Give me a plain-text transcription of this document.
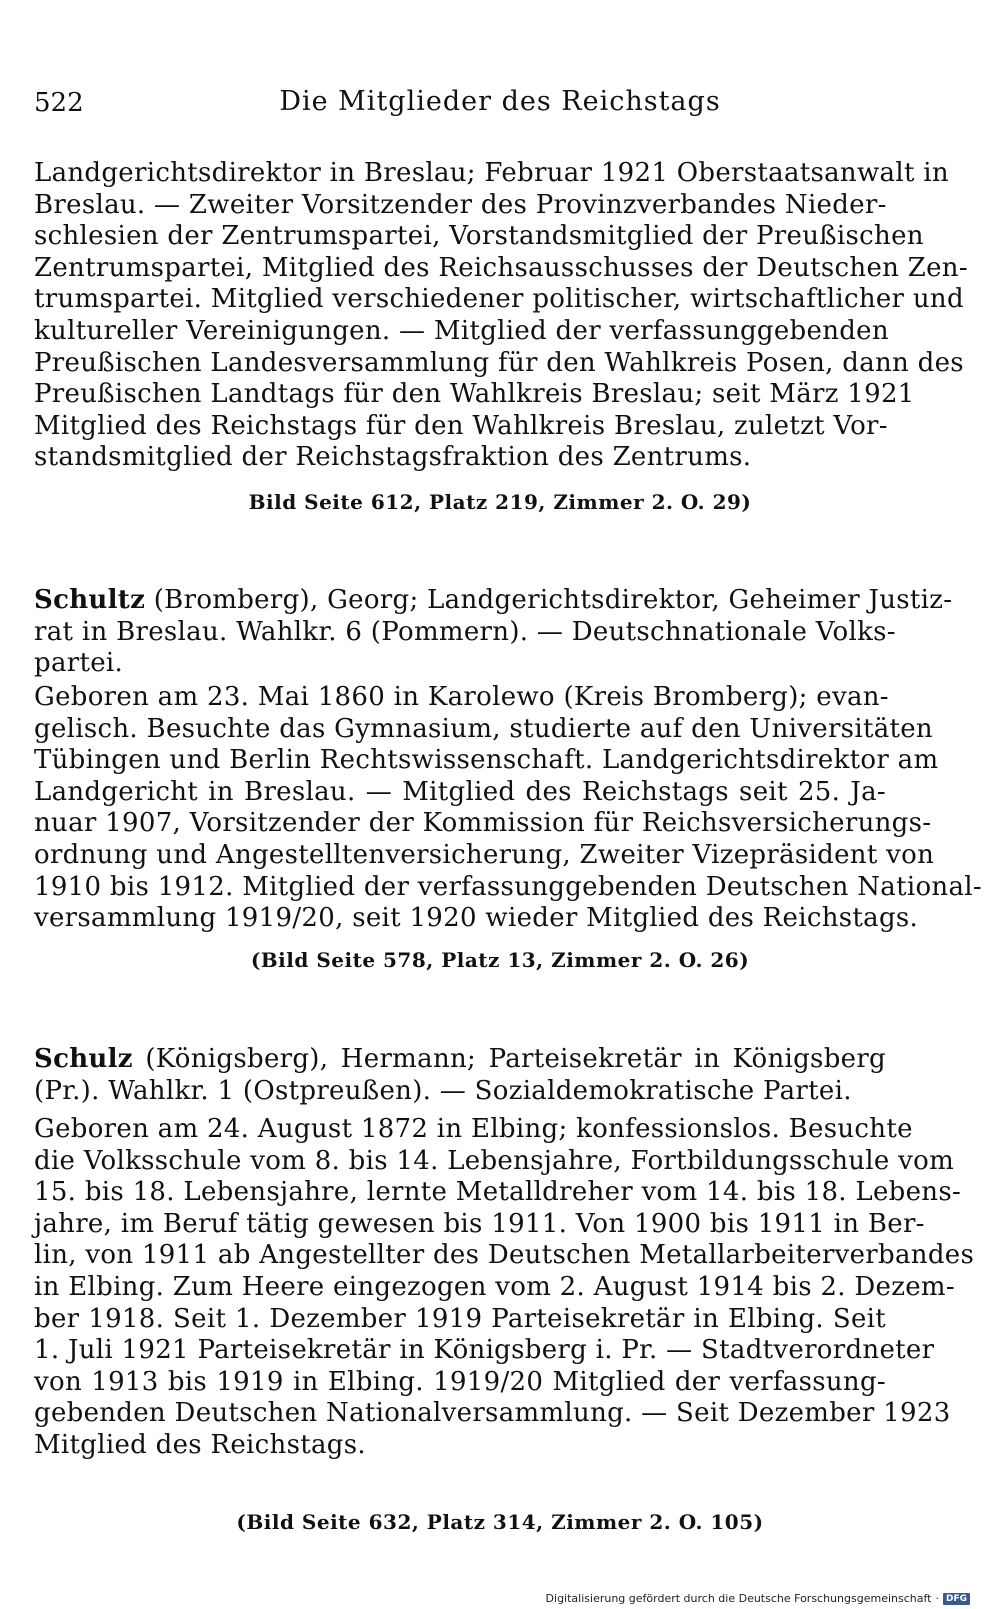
522	Die Mitglieder des Reichstags
Landgerichtsdirektor in Breslau; Februar 1921 Oberstaatsanwalt in
Breslau. — Zweiter Vorsitzender des Provinzverbandes Nieder-
schlesien der Zentrumspartei, Vorstandsmitglied der Preußischen
Zentrumspartei, Mitglied des Reichsausschusses der Deutschen Zen-
trumspartei. Mitglied verschiedener politischer, wirtschaftlicher und
kultureller Vereinigungen. — Mitglied der verfassunggebenden
Preußischen Landesversammlung für den Wahlkreis Posen, dann des
Preußischen Landtags für den Wahlkreis Breslau; seit März 1921
Mitglied des Reichstags für den Wahlkreis Breslau, zuletzt Vor-
standsmitglied der Reichstagsfraktion des Zentrums.
Bild Seite 612, Platz 219, Zimmer 2. O. 29)
Schultz (Bromberg), Georg; Landgerichtsdirektor, Geheimer Justiz-
rat in Breslau. Wahlkr. 6 (Pommern). — Deutschnationale Volks-
partei.
Geboren am 23. Mai 1860 in Karolewo (Kreis Bromberg); evan-
gelisch. Besuchte das Gymnasium, studierte auf den Universitäten
Tübingen und Berlin Rechtswissenschaft. Landgerichtsdirektor am
Landgericht in Breslau. — Mitglied des Reichstags seit 25. Ja-
nuar 1907, Vorsitzender der Kommission für Reichsversicherungs-
ordnung und Angestelltenversicherung, Zweiter Vizepräsident von
1910 bis 1912. Mitglied der verfassunggebenden Deutschen National-
versammlung 1919/20, seit 1920 wieder Mitglied des Reichstags.
(Bild Seite 578, Platz 13, Zimmer 2. O. 26)
Schulz (Königsberg), Hermann; Parteisekretär in Königsberg
(Pr.). Wahlkr. 1 (Ostpreußen). — Sozialdemokratische Partei.
Geboren am 24. August 1872 in Elbing; konfessionslos. Besuchte
die Volksschule vom 8. bis 14. Lebensjahre, Fortbildungsschule vom
15. bis 18. Lebensjahre, lernte Metalldreher vom 14. bis 18. Lebens-
jahre, im Beruf tätig gewesen bis 1911. Von 1900 bis 1911 in Ber-
lin, von 1911 ab Angestellter des Deutschen Metallarbeiterverbandes
in Elbing. Zum Heere eingezogen vom 2. August 1914 bis 2. Dezem-
ber 1918. Seit 1. Dezember 1919 Parteisekretär in Elbing. Seit
1. Juli 1921 Parteisekretär in Königsberg i. Pr. — Stadtverordneter
von 1913 bis 1919 in Elbing. 1919/20 Mitglied der verfassung-
gebenden Deutschen Nationalversammlung. — Seit Dezember 1923
Mitglied des Reichstags.
(Bild Seite 632, Platz 314, Zimmer 2. O. 105)
Digitalisierung gefördert durch die Deutsche Forschungsgemeinschaft · DFG
